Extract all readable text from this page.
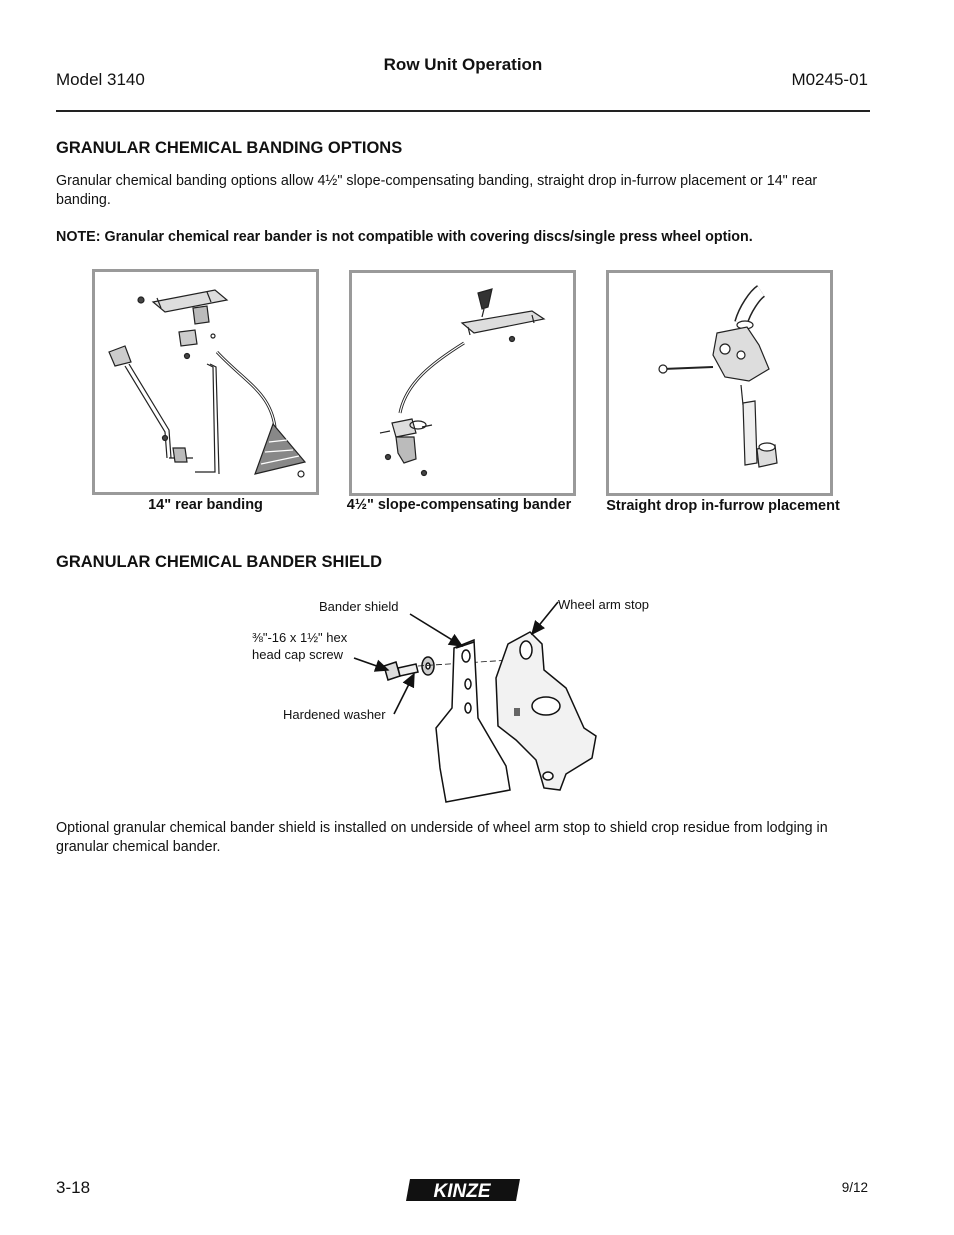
Row Unit Operation
Model 3140	M0245-01
GRANULAR CHEMICAL BANDING OPTIONS
Granular chemical banding options allow 4½" slope-compensating banding, straight drop in-furrow placement or 14" rear banding.
NOTE: Granular chemical rear bander is not compatible with covering discs/single press wheel option.
14" rear banding	4½" slope-compensating bander	Straight drop in-furrow placement
GRANULAR CHEMICAL BANDER SHIELD
Bander shield	Wheel arm stop
⅜"-16 x 1½" hex
head cap screw
Hardened washer
Optional granular chemical bander shield is installed on underside of wheel arm stop to shield crop residue from lodging in granular chemical bander.
3-18	KINZE	9/12
